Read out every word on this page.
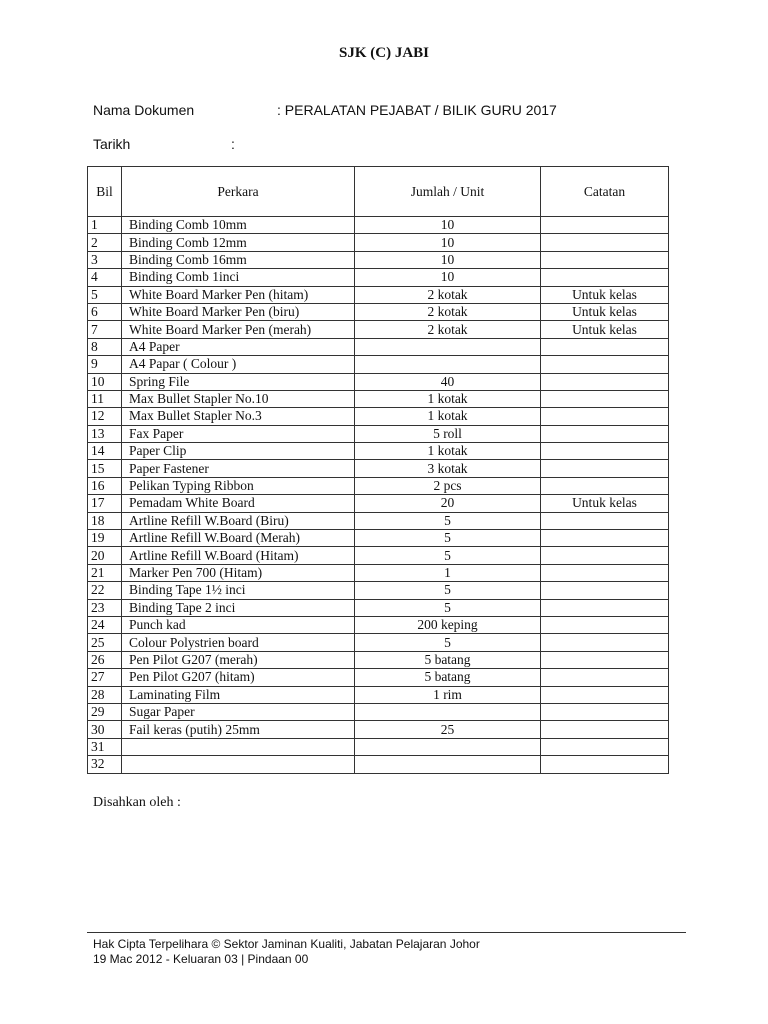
SJK (C) JABI
Nama Dokumen	: PERALATAN PEJABAT / BILIK GURU 2017
Tarikh	:
Bil	Perkara	Jumlah / Unit	Catatan
1	Binding Comb 10mm	10	
2	Binding Comb 12mm	10	
3	Binding Comb 16mm	10	
4	Binding Comb 1inci	10	
5	White Board Marker Pen (hitam)	2 kotak	Untuk kelas
6	White Board Marker Pen (biru)	2 kotak	Untuk kelas
7	White Board Marker Pen (merah)	2 kotak	Untuk kelas
8	A4 Paper		
9	A4 Papar ( Colour )		
10	Spring File	40	
11	Max Bullet Stapler No.10	1 kotak	
12	Max Bullet Stapler No.3	1 kotak	
13	Fax Paper	5 roll	
14	Paper Clip	1 kotak	
15	Paper Fastener	3 kotak	
16	Pelikan Typing Ribbon	2 pcs	
17	Pemadam White Board	20	Untuk kelas
18	Artline Refill W.Board (Biru)	5	
19	Artline Refill W.Board (Merah)	5	
20	Artline Refill W.Board (Hitam)	5	
21	Marker Pen 700 (Hitam)	1	
22	Binding Tape 1½ inci	5	
23	Binding Tape 2 inci	5	
24	Punch kad	200 keping	
25	Colour Polystrien board	5	
26	Pen Pilot G207 (merah)	5 batang	
27	Pen Pilot G207 (hitam)	5 batang	
28	Laminating Film	1 rim	
29	Sugar Paper		
30	Fail keras (putih) 25mm	25	
31			
32			
Disahkan oleh :
Hak Cipta Terpelihara © Sektor Jaminan Kualiti, Jabatan Pelajaran Johor
19 Mac 2012 - Keluaran 03 | Pindaan 00
